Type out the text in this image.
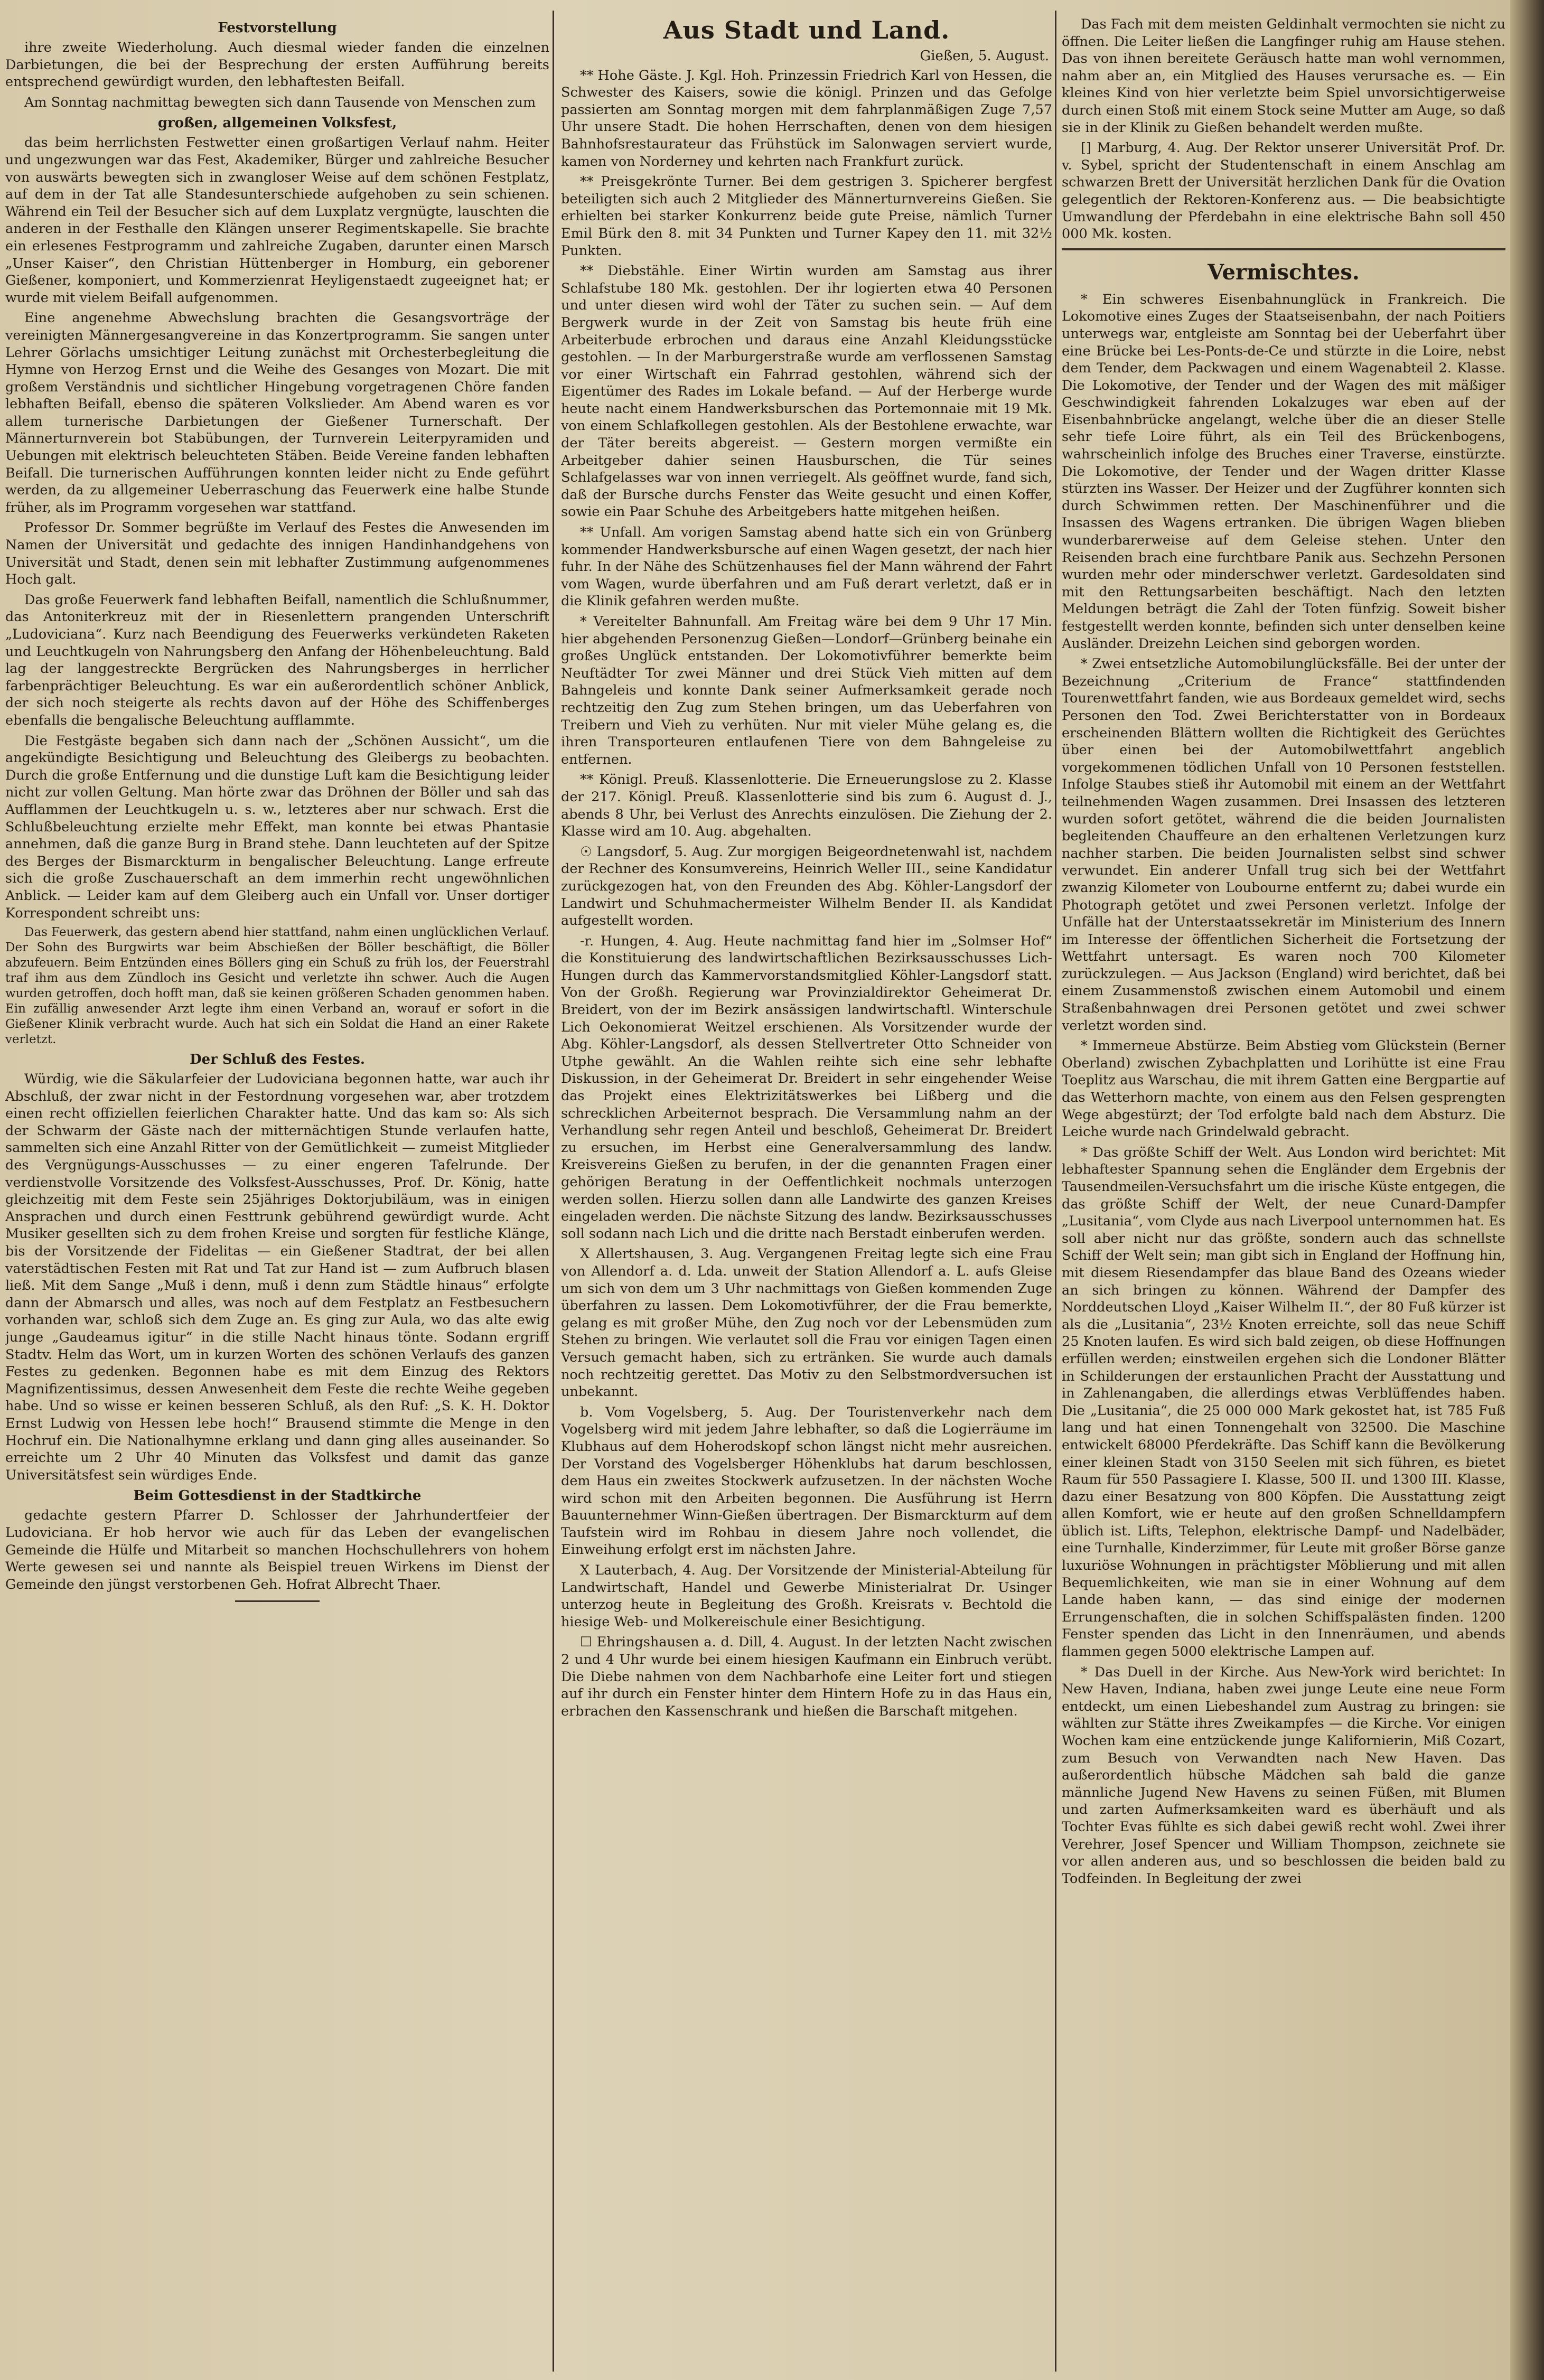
Festvorstellung

ihre zweite Wiederholung. Auch diesmal wieder fanden die einzelnen Darbietungen, die bei der Besprechung der ersten Aufführung bereits entsprechend gewürdigt wurden, den lebhaftesten Beifall.

Am Sonntag nachmittag bewegten sich dann Tausende von Menschen zum

großen, allgemeinen Volksfest,

das beim herrlichsten Festwetter einen großartigen Verlauf nahm. Heiter und ungezwungen war das Fest, Akademiker, Bürger und zahlreiche Besucher von auswärts bewegten sich in zwangloser Weise auf dem schönen Festplatz, auf dem in der Tat alle Standesunterschiede aufgehoben zu sein schienen. Während ein Teil der Besucher sich auf dem Luxplatz vergnügte, lauschten die anderen in der Festhalle den Klängen unserer Regimentskapelle. Sie brachte ein erlesenes Festprogramm und zahlreiche Zugaben, darunter einen Marsch „Unser Kaiser“, den Christian Hüttenberger in Homburg, ein geborener Gießener, komponiert, und Kommerzienrat Heyligenstaedt zugeeignet hat; er wurde mit vielem Beifall aufgenommen.

Eine angenehme Abwechslung brachten die Gesangsvorträge der vereinigten Männergesangvereine in das Konzertprogramm. Sie sangen unter Lehrer Görlachs umsichtiger Leitung zunächst mit Orchesterbegleitung die Hymne von Herzog Ernst und die Weihe des Gesanges von Mozart. Die mit großem Verständnis und sichtlicher Hingebung vorgetragenen Chöre fanden lebhaften Beifall, ebenso die späteren Volkslieder. Am Abend waren es vor allem turnerische Darbietungen der Gießener Turnerschaft. Der Männerturnverein bot Stabübungen, der Turnverein Leiterpyramiden und Uebungen mit elektrisch beleuchteten Stäben. Beide Vereine fanden lebhaften Beifall. Die turnerischen Aufführungen konnten leider nicht zu Ende geführt werden, da zu allgemeiner Ueberraschung das Feuerwerk eine halbe Stunde früher, als im Programm vorgesehen war stattfand.

Professor Dr. Sommer begrüßte im Verlauf des Festes die Anwesenden im Namen der Universität und gedachte des innigen Handinhandgehens von Universität und Stadt, denen sein mit lebhafter Zustimmung aufgenommenes Hoch galt.

Das große Feuerwerk fand lebhaften Beifall, namentlich die Schlußnummer, das Antoniterkreuz mit der in Riesenlettern prangenden Unterschrift „Ludoviciana“. Kurz nach Beendigung des Feuerwerks verkündeten Raketen und Leuchtkugeln von Nahrungsberg den Anfang der Höhenbeleuchtung. Bald lag der langgestreckte Bergrücken des Nahrungsberges in herrlicher farbenprächtiger Beleuchtung. Es war ein außerordentlich schöner Anblick, der sich noch steigerte als rechts davon auf der Höhe des Schiffenberges ebenfalls die bengalische Beleuchtung aufflammte.

Die Festgäste begaben sich dann nach der „Schönen Aussicht“, um die angekündigte Besichtigung und Beleuchtung des Gleibergs zu beobachten. Durch die große Entfernung und die dunstige Luft kam die Besichtigung leider nicht zur vollen Geltung. Man hörte zwar das Dröhnen der Böller und sah das Aufflammen der Leuchtkugeln u. s. w., letzteres aber nur schwach. Erst die Schlußbeleuchtung erzielte mehr Effekt, man konnte bei etwas Phantasie annehmen, daß die ganze Burg in Brand stehe. Dann leuchteten auf der Spitze des Berges der Bismarckturm in bengalischer Beleuchtung. Lange erfreute sich die große Zuschauerschaft an dem immerhin recht ungewöhnlichen Anblick. — Leider kam auf dem Gleiberg auch ein Unfall vor. Unser dortiger Korrespondent schreibt uns:

Das Feuerwerk, das gestern abend hier stattfand, nahm einen unglücklichen Verlauf. Der Sohn des Burgwirts war beim Abschießen der Böller beschäftigt, die Böller abzufeuern. Beim Entzünden eines Böllers ging ein Schuß zu früh los, der Feuerstrahl traf ihm aus dem Zündloch ins Gesicht und verletzte ihn schwer. Auch die Augen wurden getroffen, doch hofft man, daß sie keinen größeren Schaden genommen haben. Ein zufällig anwesender Arzt legte ihm einen Verband an, worauf er sofort in die Gießener Klinik verbracht wurde. Auch hat sich ein Soldat die Hand an einer Rakete verletzt.

Der Schluß des Festes.

Würdig, wie die Säkularfeier der Ludoviciana begonnen hatte, war auch ihr Abschluß, der zwar nicht in der Festordnung vorgesehen war, aber trotzdem einen recht offiziellen feierlichen Charakter hatte. Und das kam so: Als sich der Schwarm der Gäste nach der mitternächtigen Stunde verlaufen hatte, sammelten sich eine Anzahl Ritter von der Gemütlichkeit — zumeist Mitglieder des Vergnügungs-Ausschusses — zu einer engeren Tafelrunde. Der verdienstvolle Vorsitzende des Volksfest-Ausschusses, Prof. Dr. König, hatte gleichzeitig mit dem Feste sein 25jähriges Doktorjubiläum, was in einigen Ansprachen und durch einen Festtrunk gebührend gewürdigt wurde. Acht Musiker gesellten sich zu dem frohen Kreise und sorgten für festliche Klänge, bis der Vorsitzende der Fidelitas — ein Gießener Stadtrat, der bei allen vaterstädtischen Festen mit Rat und Tat zur Hand ist — zum Aufbruch blasen ließ. Mit dem Sange „Muß i denn, muß i denn zum Städtle hinaus“ erfolgte dann der Abmarsch und alles, was noch auf dem Festplatz an Festbesuchern vorhanden war, schloß sich dem Zuge an. Es ging zur Aula, wo das alte ewig junge „Gaudeamus igitur“ in die stille Nacht hinaus tönte. Sodann ergriff Stadtv. Helm das Wort, um in kurzen Worten des schönen Verlaufs des ganzen Festes zu gedenken. Begonnen habe es mit dem Einzug des Rektors Magnifizentissimus, dessen Anwesenheit dem Feste die rechte Weihe gegeben habe. Und so wisse er keinen besseren Schluß, als den Ruf: „S. K. H. Doktor Ernst Ludwig von Hessen lebe hoch!“ Brausend stimmte die Menge in den Hochruf ein. Die Nationalhymne erklang und dann ging alles auseinander. So erreichte um 2 Uhr 40 Minuten das Volksfest und damit das ganze Universitätsfest sein würdiges Ende.

Beim Gottesdienst in der Stadtkirche

gedachte gestern Pfarrer D. Schlosser der Jahrhundertfeier der Ludoviciana. Er hob hervor wie auch für das Leben der evangelischen Gemeinde die Hülfe und Mitarbeit so manchen Hochschullehrers von hohem Werte gewesen sei und nannte als Beispiel treuen Wirkens im Dienst der Gemeinde den jüngst verstorbenen Geh. Hofrat Albrecht Thaer.

Aus Stadt und Land.

Gießen, 5. August.

** Hohe Gäste. J. Kgl. Hoh. Prinzessin Friedrich Karl von Hessen, die Schwester des Kaisers, sowie die königl. Prinzen und das Gefolge passierten am Sonntag morgen mit dem fahrplanmäßigen Zuge 7,57 Uhr unsere Stadt. Die hohen Herrschaften, denen von dem hiesigen Bahnhofsrestaurateur das Frühstück im Salonwagen serviert wurde, kamen von Norderney und kehrten nach Frankfurt zurück.

** Preisgekrönte Turner. Bei dem gestrigen 3. Spicherer bergfest beteiligten sich auch 2 Mitglieder des Männerturnvereins Gießen. Sie erhielten bei starker Konkurrenz beide gute Preise, nämlich Turner Emil Bürk den 8. mit 34 Punkten und Turner Kapey den 11. mit 32½ Punkten.

** Diebstähle. Einer Wirtin wurden am Samstag aus ihrer Schlafstube 180 Mk. gestohlen. Der ihr logierten etwa 40 Personen und unter diesen wird wohl der Täter zu suchen sein. — Auf dem Bergwerk wurde in der Zeit von Samstag bis heute früh eine Arbeiterbude erbrochen und daraus eine Anzahl Kleidungsstücke gestohlen. — In der Marburgerstraße wurde am verflossenen Samstag vor einer Wirtschaft ein Fahrrad gestohlen, während sich der Eigentümer des Rades im Lokale befand. — Auf der Herberge wurde heute nacht einem Handwerksburschen das Portemonnaie mit 19 Mk. von einem Schlafkollegen gestohlen. Als der Bestohlene erwachte, war der Täter bereits abgereist. — Gestern morgen vermißte ein Arbeitgeber dahier seinen Hausburschen, die Tür seines Schlafgelasses war von innen verriegelt. Als geöffnet wurde, fand sich, daß der Bursche durchs Fenster das Weite gesucht und einen Koffer, sowie ein Paar Schuhe des Arbeitgebers hatte mitgehen heißen.

** Unfall. Am vorigen Samstag abend hatte sich ein von Grünberg kommender Handwerksbursche auf einen Wagen gesetzt, der nach hier fuhr. In der Nähe des Schützenhauses fiel der Mann während der Fahrt vom Wagen, wurde überfahren und am Fuß derart verletzt, daß er in die Klinik gefahren werden mußte.

* Vereitelter Bahnunfall. Am Freitag wäre bei dem 9 Uhr 17 Min. hier abgehenden Personenzug Gießen—Londorf—Grünberg beinahe ein großes Unglück entstanden. Der Lokomotivführer bemerkte beim Neuftädter Tor zwei Männer und drei Stück Vieh mitten auf dem Bahngeleis und konnte Dank seiner Aufmerksamkeit gerade noch rechtzeitig den Zug zum Stehen bringen, um das Ueberfahren von Treibern und Vieh zu verhüten. Nur mit vieler Mühe gelang es, die ihren Transporteuren entlaufenen Tiere von dem Bahngeleise zu entfernen.

** Königl. Preuß. Klassenlotterie. Die Erneuerungslose zu 2. Klasse der 217. Königl. Preuß. Klassenlotterie sind bis zum 6. August d. J., abends 8 Uhr, bei Verlust des Anrechts einzulösen. Die Ziehung der 2. Klasse wird am 10. Aug. abgehalten.

☉ Langsdorf, 5. Aug. Zur morgigen Beigeordnetenwahl ist, nachdem der Rechner des Konsumvereins, Heinrich Weller III., seine Kandidatur zurückgezogen hat, von den Freunden des Abg. Köhler-Langsdorf der Landwirt und Schuhmachermeister Wilhelm Bender II. als Kandidat aufgestellt worden.

-r. Hungen, 4. Aug. Heute nachmittag fand hier im „Solmser Hof“ die Konstituierung des landwirtschaftlichen Bezirksausschusses Lich-Hungen durch das Kammervorstandsmitglied Köhler-Langsdorf statt. Von der Großh. Regierung war Provinzialdirektor Geheimerat Dr. Breidert, von der im Bezirk ansässigen landwirtschaftl. Winterschule Lich Oekonomierat Weitzel erschienen. Als Vorsitzender wurde der Abg. Köhler-Langsdorf, als dessen Stellvertreter Otto Schneider von Utphe gewählt. An die Wahlen reihte sich eine sehr lebhafte Diskussion, in der Geheimerat Dr. Breidert in sehr eingehender Weise das Projekt eines Elektrizitätswerkes bei Lißberg und die schrecklichen Arbeiternot besprach. Die Versammlung nahm an der Verhandlung sehr regen Anteil und beschloß, Geheimerat Dr. Breidert zu ersuchen, im Herbst eine Generalversammlung des landw. Kreisvereins Gießen zu berufen, in der die genannten Fragen einer gehörigen Beratung in der Oeffentlichkeit nochmals unterzogen werden sollen. Hierzu sollen dann alle Landwirte des ganzen Kreises eingeladen werden. Die nächste Sitzung des landw. Bezirksausschusses soll sodann nach Lich und die dritte nach Berstadt einberufen werden.

X Allertshausen, 3. Aug. Vergangenen Freitag legte sich eine Frau von Allendorf a. d. Lda. unweit der Station Allendorf a. L. aufs Gleise um sich von dem um 3 Uhr nachmittags von Gießen kommenden Zuge überfahren zu lassen. Dem Lokomotivführer, der die Frau bemerkte, gelang es mit großer Mühe, den Zug noch vor der Lebensmüden zum Stehen zu bringen. Wie verlautet soll die Frau vor einigen Tagen einen Versuch gemacht haben, sich zu ertränken. Sie wurde auch damals noch rechtzeitig gerettet. Das Motiv zu den Selbstmordversuchen ist unbekannt.

b. Vom Vogelsberg, 5. Aug. Der Touristenverkehr nach dem Vogelsberg wird mit jedem Jahre lebhafter, so daß die Logierräume im Klubhaus auf dem Hoherodskopf schon längst nicht mehr ausreichen. Der Vorstand des Vogelsberger Höhenklubs hat darum beschlossen, dem Haus ein zweites Stockwerk aufzusetzen. In der nächsten Woche wird schon mit den Arbeiten begonnen. Die Ausführung ist Herrn Bauunternehmer Winn-Gießen übertragen. Der Bismarckturm auf dem Taufstein wird im Rohbau in diesem Jahre noch vollendet, die Einweihung erfolgt erst im nächsten Jahre.

X Lauterbach, 4. Aug. Der Vorsitzende der Ministerial-Abteilung für Landwirtschaft, Handel und Gewerbe Ministerialrat Dr. Usinger unterzog heute in Begleitung des Großh. Kreisrats v. Bechtold die hiesige Web- und Molkereischule einer Besichtigung.

☐ Ehringshausen a. d. Dill, 4. August. In der letzten Nacht zwischen 2 und 4 Uhr wurde bei einem hiesigen Kaufmann ein Einbruch verübt. Die Diebe nahmen von dem Nachbarhofe eine Leiter fort und stiegen auf ihr durch ein Fenster hinter dem Hintern Hofe zu in das Haus ein, erbrachen den Kassenschrank und hießen die Barschaft mitgehen.

Das Fach mit dem meisten Geldinhalt vermochten sie nicht zu öffnen. Die Leiter ließen die Langfinger ruhig am Hause stehen. Das von ihnen bereitete Geräusch hatte man wohl vernommen, nahm aber an, ein Mitglied des Hauses verursache es. — Ein kleines Kind von hier verletzte beim Spiel unvorsichtigerweise durch einen Stoß mit einem Stock seine Mutter am Auge, so daß sie in der Klinik zu Gießen behandelt werden mußte.

[] Marburg, 4. Aug. Der Rektor unserer Universität Prof. Dr. v. Sybel, spricht der Studentenschaft in einem Anschlag am schwarzen Brett der Universität herzlichen Dank für die Ovation gelegentlich der Rektoren-Konferenz aus. — Die beabsichtigte Umwandlung der Pferdebahn in eine elektrische Bahn soll 450 000 Mk. kosten.

Vermischtes.

* Ein schweres Eisenbahnunglück in Frankreich. Die Lokomotive eines Zuges der Staatseisenbahn, der nach Poitiers unterwegs war, entgleiste am Sonntag bei der Ueberfahrt über eine Brücke bei Les-Ponts-de-Ce und stürzte in die Loire, nebst dem Tender, dem Packwagen und einem Wagenabteil 2. Klasse. Die Lokomotive, der Tender und der Wagen des mit mäßiger Geschwindigkeit fahrenden Lokalzuges war eben auf der Eisenbahnbrücke angelangt, welche über die an dieser Stelle sehr tiefe Loire führt, als ein Teil des Brückenbogens, wahrscheinlich infolge des Bruches einer Traverse, einstürzte. Die Lokomotive, der Tender und der Wagen dritter Klasse stürzten ins Wasser. Der Heizer und der Zugführer konnten sich durch Schwimmen retten. Der Maschinenführer und die Insassen des Wagens ertranken. Die übrigen Wagen blieben wunderbarerweise auf dem Geleise stehen. Unter den Reisenden brach eine furchtbare Panik aus. Sechzehn Personen wurden mehr oder minderschwer verletzt. Gardesoldaten sind mit den Rettungsarbeiten beschäftigt. Nach den letzten Meldungen beträgt die Zahl der Toten fünfzig. Soweit bisher festgestellt werden konnte, befinden sich unter denselben keine Ausländer. Dreizehn Leichen sind geborgen worden.

* Zwei entsetzliche Automobilunglücksfälle. Bei der unter der Bezeichnung „Criterium de France“ stattfindenden Tourenwettfahrt fanden, wie aus Bordeaux gemeldet wird, sechs Personen den Tod. Zwei Berichterstatter von in Bordeaux erscheinenden Blättern wollten die Richtigkeit des Gerüchtes über einen bei der Automobilwettfahrt angeblich vorgekommenen tödlichen Unfall von 10 Personen feststellen. Infolge Staubes stieß ihr Automobil mit einem an der Wettfahrt teilnehmenden Wagen zusammen. Drei Insassen des letzteren wurden sofort getötet, während die die beiden Journalisten begleitenden Chauffeure an den erhaltenen Verletzungen kurz nachher starben. Die beiden Journalisten selbst sind schwer verwundet. Ein anderer Unfall trug sich bei der Wettfahrt zwanzig Kilometer von Loubourne entfernt zu; dabei wurde ein Photograph getötet und zwei Personen verletzt. Infolge der Unfälle hat der Unterstaatssekretär im Ministerium des Innern im Interesse der öffentlichen Sicherheit die Fortsetzung der Wettfahrt untersagt. Es waren noch 700 Kilometer zurückzulegen. — Aus Jackson (England) wird berichtet, daß bei einem Zusammenstoß zwischen einem Automobil und einem Straßenbahnwagen drei Personen getötet und zwei schwer verletzt worden sind.

* Immerneue Abstürze. Beim Abstieg vom Glückstein (Berner Oberland) zwischen Zybachplatten und Lorihütte ist eine Frau Toeplitz aus Warschau, die mit ihrem Gatten eine Bergpartie auf das Wetterhorn machte, von einem aus den Felsen gesprengten Wege abgestürzt; der Tod erfolgte bald nach dem Absturz. Die Leiche wurde nach Grindelwald gebracht.

* Das größte Schiff der Welt. Aus London wird berichtet: Mit lebhaftester Spannung sehen die Engländer dem Ergebnis der Tausendmeilen-Versuchsfahrt um die irische Küste entgegen, die das größte Schiff der Welt, der neue Cunard-Dampfer „Lusitania“, vom Clyde aus nach Liverpool unternommen hat. Es soll aber nicht nur das größte, sondern auch das schnellste Schiff der Welt sein; man gibt sich in England der Hoffnung hin, mit diesem Riesendampfer das blaue Band des Ozeans wieder an sich bringen zu können. Während der Dampfer des Norddeutschen Lloyd „Kaiser Wilhelm II.“, der 80 Fuß kürzer ist als die „Lusitania“, 23½ Knoten erreichte, soll das neue Schiff 25 Knoten laufen. Es wird sich bald zeigen, ob diese Hoffnungen erfüllen werden; einstweilen ergehen sich die Londoner Blätter in Schilderungen der erstaunlichen Pracht der Ausstattung und in Zahlenangaben, die allerdings etwas Verblüffendes haben. Die „Lusitania“, die 25 000 000 Mark gekostet hat, ist 785 Fuß lang und hat einen Tonnengehalt von 32500. Die Maschine entwickelt 68000 Pferdekräfte. Das Schiff kann die Bevölkerung einer kleinen Stadt von 3150 Seelen mit sich führen, es bietet Raum für 550 Passagiere I. Klasse, 500 II. und 1300 III. Klasse, dazu einer Besatzung von 800 Köpfen. Die Ausstattung zeigt allen Komfort, wie er heute auf den großen Schnelldampfern üblich ist. Lifts, Telephon, elektrische Dampf- und Nadelbäder, eine Turnhalle, Kinderzimmer, für Leute mit großer Börse ganze luxuriöse Wohnungen in prächtigster Möblierung und mit allen Bequemlichkeiten, wie man sie in einer Wohnung auf dem Lande haben kann, — das sind einige der modernen Errungenschaften, die in solchen Schiffspalästen finden. 1200 Fenster spenden das Licht in den Innenräumen, und abends flammen gegen 5000 elektrische Lampen auf.

* Das Duell in der Kirche. Aus New-York wird berichtet: In New Haven, Indiana, haben zwei junge Leute eine neue Form entdeckt, um einen Liebeshandel zum Austrag zu bringen: sie wählten zur Stätte ihres Zweikampfes — die Kirche. Vor einigen Wochen kam eine entzückende junge Kalifornierin, Miß Cozart, zum Besuch von Verwandten nach New Haven. Das außerordentlich hübsche Mädchen sah bald die ganze männliche Jugend New Havens zu seinen Füßen, mit Blumen und zarten Aufmerksamkeiten ward es überhäuft und als Tochter Evas fühlte es sich dabei gewiß recht wohl. Zwei ihrer Verehrer, Josef Spencer und William Thompson, zeichnete sie vor allen anderen aus, und so beschlossen die beiden bald zu Todfeinden. In Begleitung der zwei
